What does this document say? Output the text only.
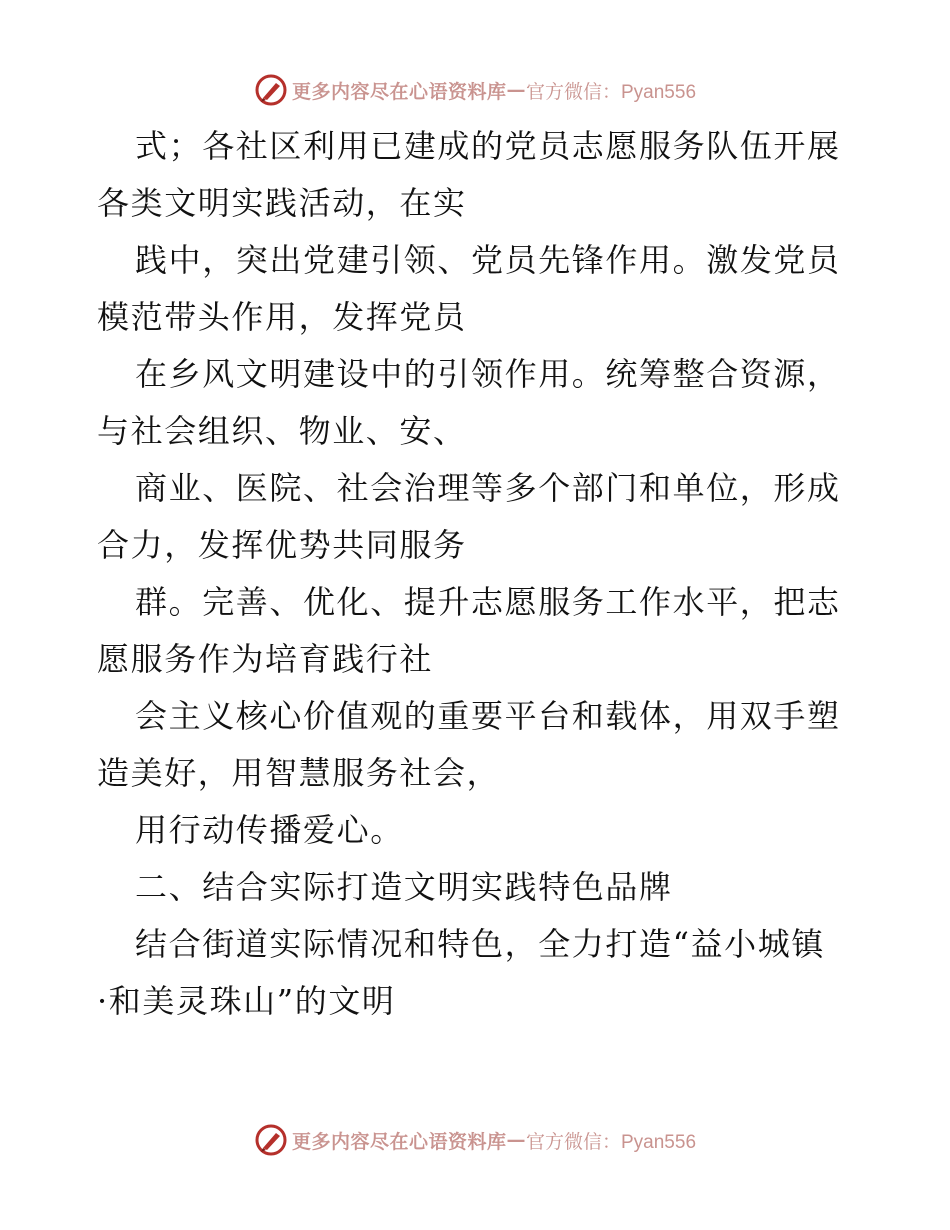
更多内容尽在心语资料库 — 官方微信：Pyan556
式；各社区利用已建成的党员志愿服务队伍开展
各类文明实践活动，在实
践中，突出党建引领、党员先锋作用。激发党员
模范带头作用，发挥党员
在乡风文明建设中的引领作用。统筹整合资源，
与社会组织、物业、安、
商业、医院、社会治理等多个部门和单位，形成
合力，发挥优势共同服务
群。完善、优化、提升志愿服务工作水平，把志
愿服务作为培育践行社
会主义核心价值观的重要平台和载体，用双手塑
造美好，用智慧服务社会，
用行动传播爱心。
二、结合实际打造文明实践特色品牌
结合街道实际情况和特色，全力打造“益小城镇
·和美灵珠山”的文明
更多内容尽在心语资料库 — 官方微信：Pyan556
